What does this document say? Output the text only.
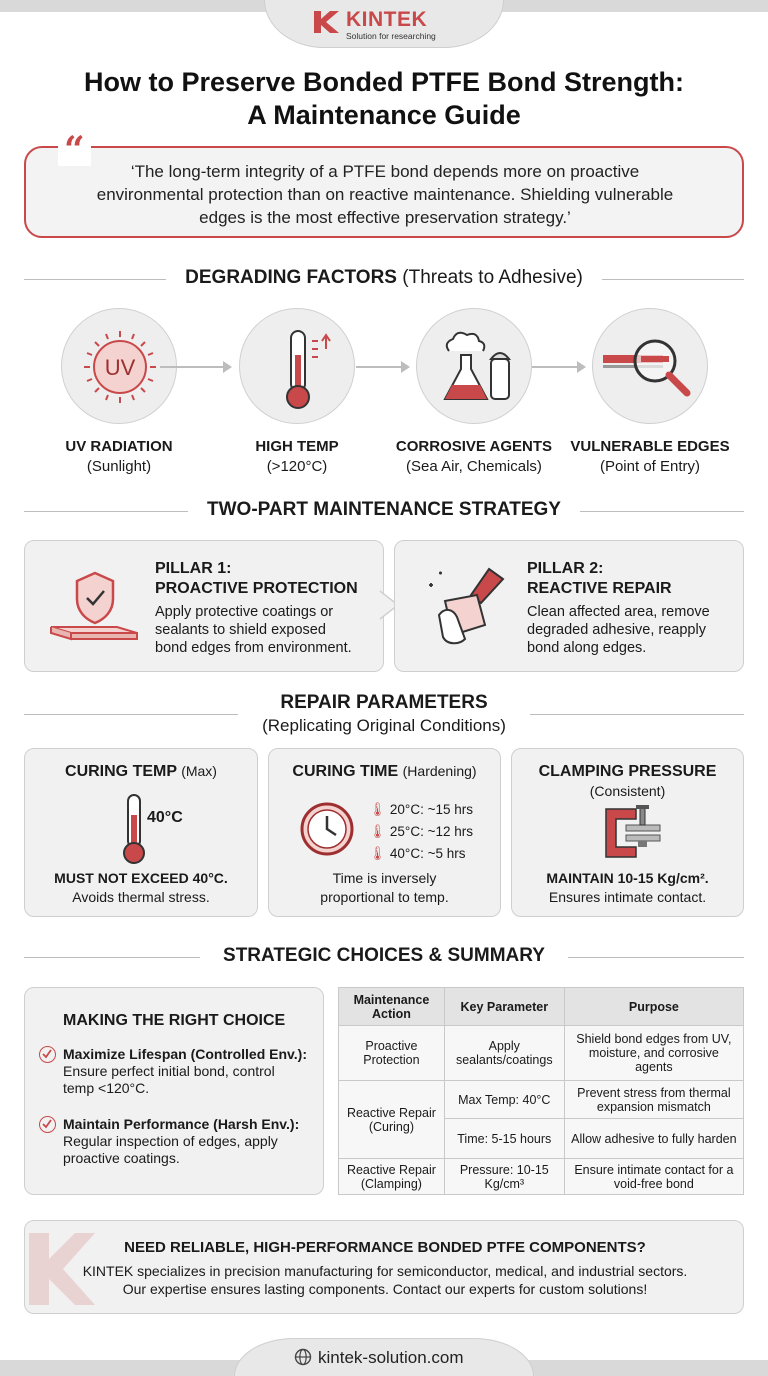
KINTEK
Solution for researching
How to Preserve Bonded PTFE Bond Strength:
A Maintenance Guide
“
‘The long-term integrity of a PTFE bond depends more on proactive
environmental protection than on reactive maintenance. Shielding vulnerable
edges is the most effective preservation strategy.’
DEGRADING FACTORS (Threats to Adhesive)
UV
UV RADIATION
(Sunlight)
HIGH TEMP
(>120°C)
CORROSIVE AGENTS
(Sea Air, Chemicals)
VULNERABLE EDGES
(Point of Entry)
TWO-PART MAINTENANCE STRATEGY
PILLAR 1:
PROACTIVE PROTECTION
Apply protective coatings or
sealants to shield exposed
bond edges from environment.
PILLAR 2:
REACTIVE REPAIR
Clean affected area, remove
degraded adhesive, reapply
bond along edges.
REPAIR PARAMETERS
(Replicating Original Conditions)
CURING TEMP (Max)
40°C
MUST NOT EXCEED 40°C.
Avoids thermal stress.
CURING TIME (Hardening)
🌡 20°C: ~15 hrs
🌡 25°C: ~12 hrs
🌡 40°C: ~5 hrs
Time is inversely
proportional to temp.
CLAMPING PRESSURE
(Consistent)
MAINTAIN 10-15 Kg/cm².
Ensures intimate contact.
STRATEGIC CHOICES & SUMMARY
MAKING THE RIGHT CHOICE
Maximize Lifespan (Controlled Env.):
Ensure perfect initial bond, control
temp <120°C.
Maintain Performance (Harsh Env.):
Regular inspection of edges, apply
proactive coatings.
Maintenance Action	Key Parameter	Purpose
Proactive Protection	Apply sealants/coatings	Shield bond edges from UV, moisture, and corrosive agents
Reactive Repair (Curing)	Max Temp: 40°C	Prevent stress from thermal expansion mismatch
	Time: 5-15 hours	Allow adhesive to fully harden
Reactive Repair (Clamping)	Pressure: 10-15 Kg/cm³	Ensure intimate contact for a void-free bond
NEED RELIABLE, HIGH-PERFORMANCE BONDED PTFE COMPONENTS?
KINTEK specializes in precision manufacturing for semiconductor, medical, and industrial sectors.
Our expertise ensures lasting components. Contact our experts for custom solutions!
kintek-solution.com
